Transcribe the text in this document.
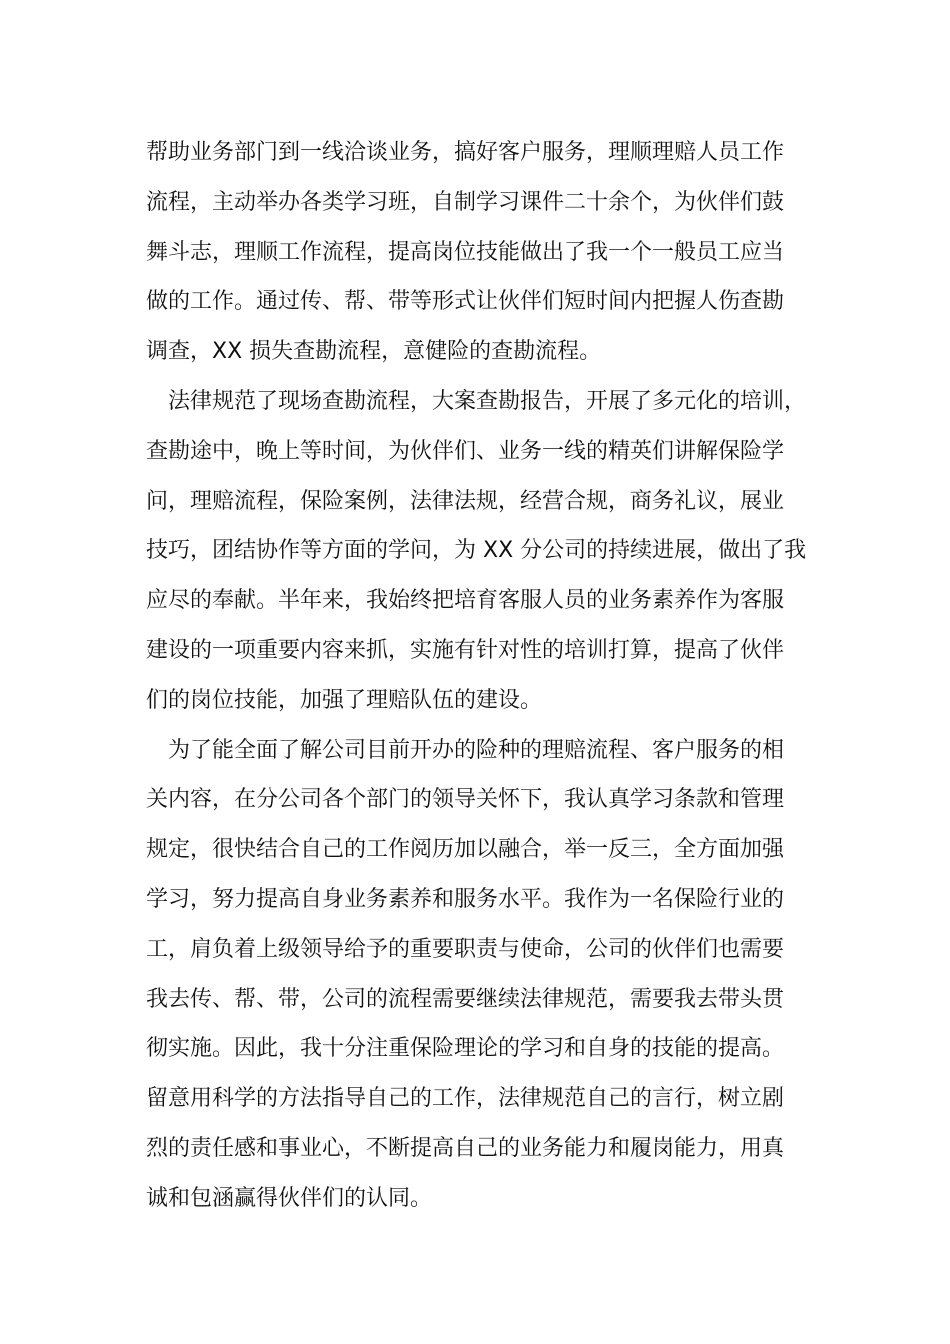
帮助业务部门到一线洽谈业务，搞好客户服务，理顺理赔人员工作
流程，主动举办各类学习班，自制学习课件二十余个，为伙伴们鼓
舞斗志，理顺工作流程，提高岗位技能做出了我一个一般员工应当
做的工作。通过传、帮、带等形式让伙伴们短时间内把握人伤查勘
调查，XX 损失查勘流程，意健险的查勘流程。
法律规范了现场查勘流程，大案查勘报告，开展了多元化的培训，
查勘途中，晚上等时间，为伙伴们、业务一线的精英们讲解保险学
问，理赔流程，保险案例，法律法规，经营合规，商务礼议，展业
技巧，团结协作等方面的学问，为 XX 分公司的持续进展，做出了我
应尽的奉献。半年来，我始终把培育客服人员的业务素养作为客服
建设的一项重要内容来抓，实施有针对性的培训打算，提高了伙伴
们的岗位技能，加强了理赔队伍的建设。
为了能全面了解公司目前开办的险种的理赔流程、客户服务的相
关内容，在分公司各个部门的领导关怀下，我认真学习条款和管理
规定，很快结合自己的工作阅历加以融合，举一反三，全方面加强
学习，努力提高自身业务素养和服务水平。我作为一名保险行业的
工，肩负着上级领导给予的重要职责与使命，公司的伙伴们也需要
我去传、帮、带，公司的流程需要继续法律规范，需要我去带头贯
彻实施。因此，我十分注重保险理论的学习和自身的技能的提高。
留意用科学的方法指导自己的工作，法律规范自己的言行，树立剧
烈的责任感和事业心，不断提高自己的业务能力和履岗能力，用真
诚和包涵赢得伙伴们的认同。
